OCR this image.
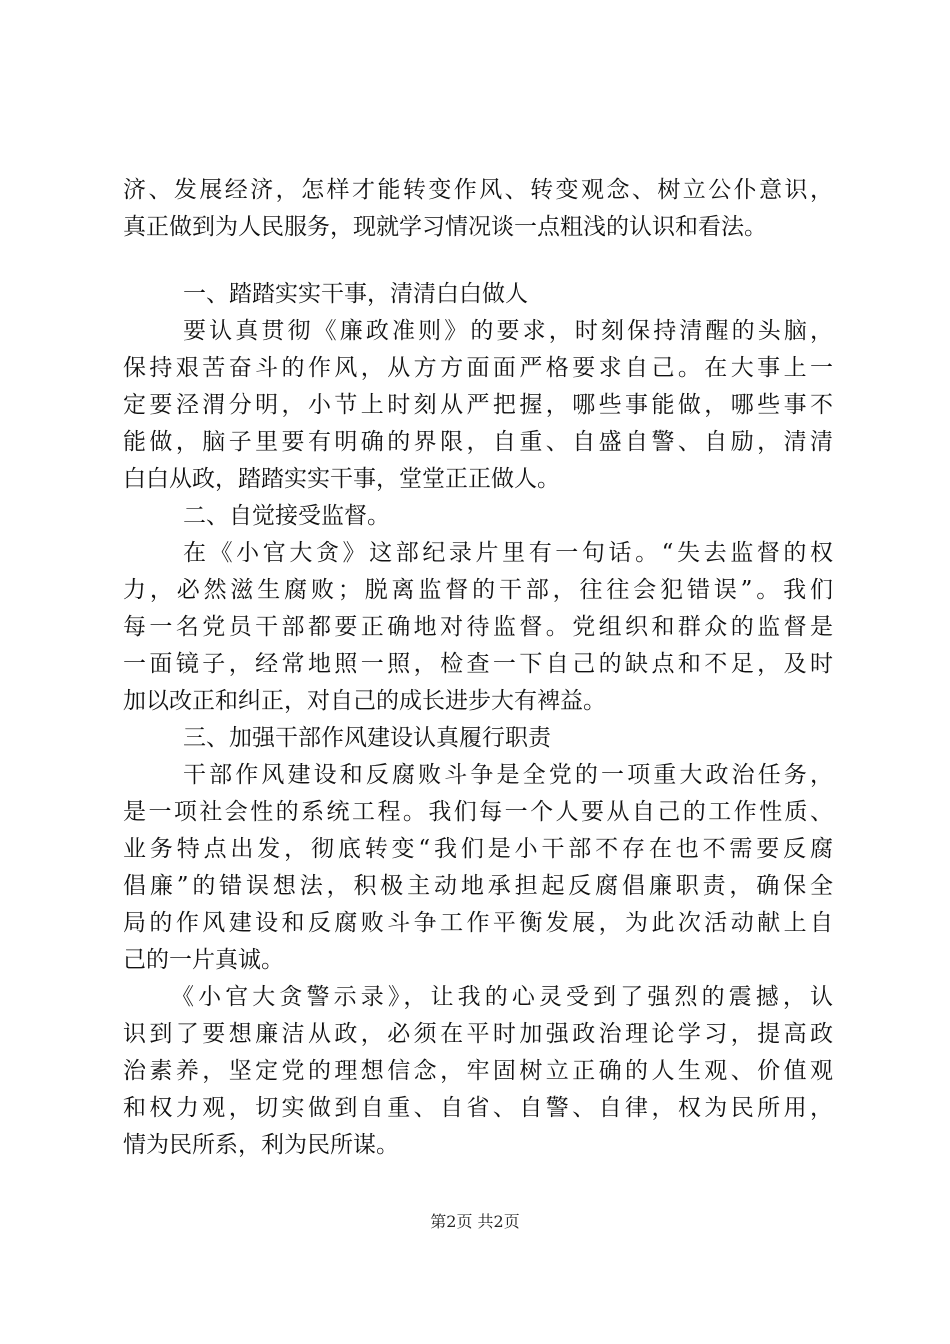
济、发展经济，怎样才能转变作风、转变观念、树立公仆意识，
真正做到为人民服务，现就学习情况谈一点粗浅的认识和看法。
一、踏踏实实干事，清清白白做人
要认真贯彻《廉政准则》的要求，时刻保持清醒的头脑，
保持艰苦奋斗的作风，从方方面面严格要求自己。在大事上一
定要泾渭分明，小节上时刻从严把握，哪些事能做，哪些事不
能做，脑子里要有明确的界限，自重、自盛自警、自励，清清
白白从政，踏踏实实干事，堂堂正正做人。
二、自觉接受监督。
在《小官大贪》这部纪录片里有一句话。“失去监督的权
力，必然滋生腐败；脱离监督的干部，往往会犯错误”。我们
每一名党员干部都要正确地对待监督。党组织和群众的监督是
一面镜子，经常地照一照，检查一下自己的缺点和不足，及时
加以改正和纠正，对自己的成长进步大有裨益。
三、加强干部作风建设认真履行职责
干部作风建设和反腐败斗争是全党的一项重大政治任务，
是一项社会性的系统工程。我们每一个人要从自己的工作性质、
业务特点出发，彻底转变“我们是小干部不存在也不需要反腐
倡廉”的错误想法，积极主动地承担起反腐倡廉职责，确保全
局的作风建设和反腐败斗争工作平衡发展，为此次活动献上自
己的一片真诚。
《小官大贪警示录》，让我的心灵受到了强烈的震撼，认
识到了要想廉洁从政，必须在平时加强政治理论学习，提高政
治素养，坚定党的理想信念，牢固树立正确的人生观、价值观
和权力观，切实做到自重、自省、自警、自律，权为民所用，
情为民所系，利为民所谋。
第2页 共2页
